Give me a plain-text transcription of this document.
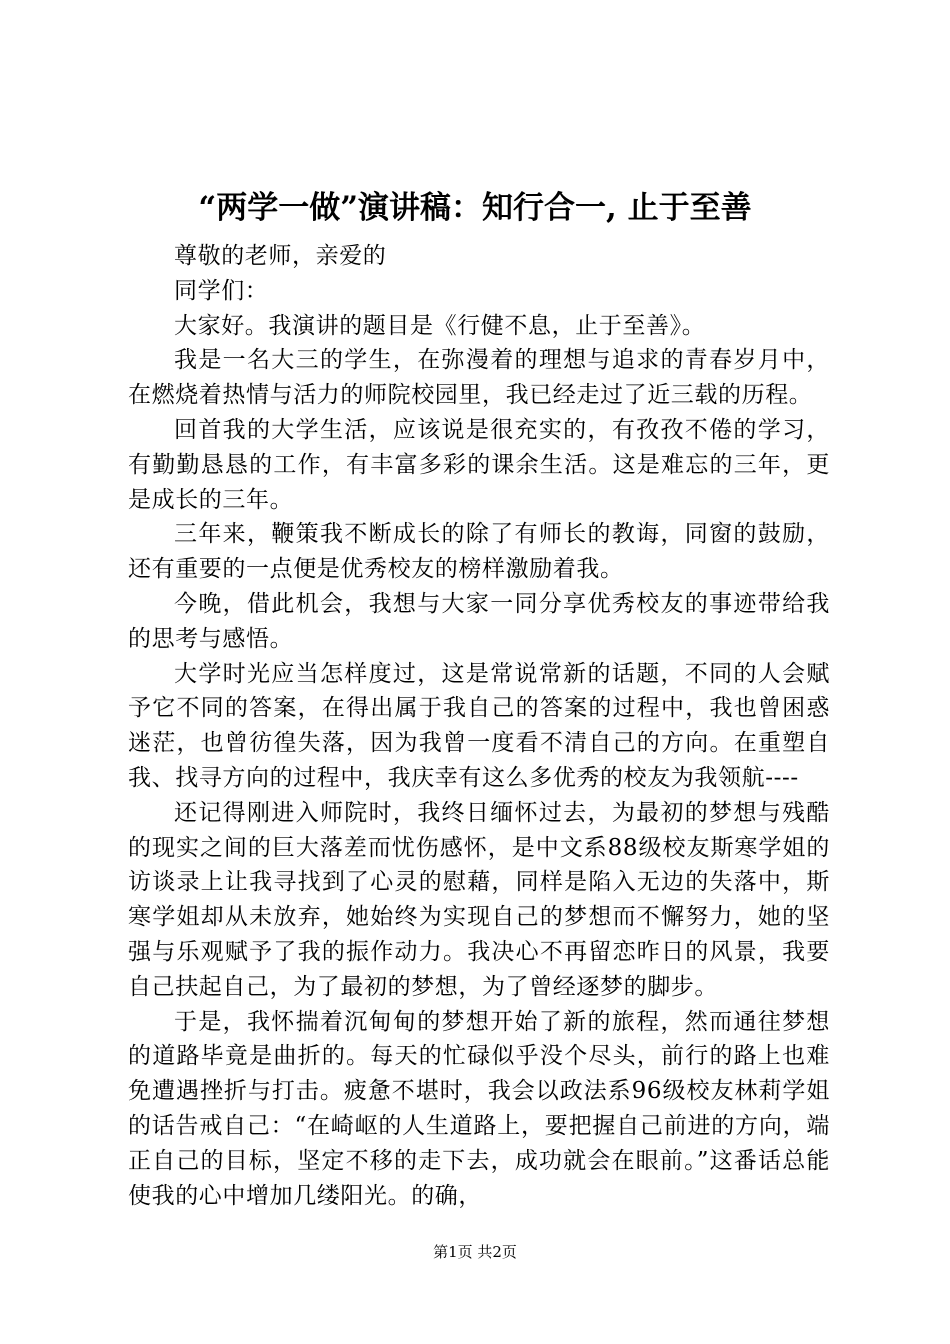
“两学一做”演讲稿：知行合一, 止于至善

尊敬的老师，亲爱的

同学们：

大家好。我演讲的题目是《行健不息，止于至善》。

我是一名大三的学生，在弥漫着的理想与追求的青春岁月中，在燃烧着热情与活力的师院校园里，我已经走过了近三载的历程。

回首我的大学生活，应该说是很充实的，有孜孜不倦的学习，有勤勤恳恳的工作，有丰富多彩的课余生活。这是难忘的三年，更是成长的三年。

三年来，鞭策我不断成长的除了有师长的教诲，同窗的鼓励，还有重要的一点便是优秀校友的榜样激励着我。

今晚，借此机会，我想与大家一同分享优秀校友的事迹带给我的思考与感悟。

大学时光应当怎样度过，这是常说常新的话题，不同的人会赋予它不同的答案，在得出属于我自己的答案的过程中，我也曾困惑迷茫，也曾彷徨失落，因为我曾一度看不清自己的方向。在重塑自我、找寻方向的过程中，我庆幸有这么多优秀的校友为我领航----

还记得刚进入师院时，我终日缅怀过去，为最初的梦想与残酷的现实之间的巨大落差而忧伤感怀，是中文系88级校友斯寒学姐的访谈录上让我寻找到了心灵的慰藉，同样是陷入无边的失落中，斯寒学姐却从未放弃，她始终为实现自己的梦想而不懈努力，她的坚强与乐观赋予了我的振作动力。我决心不再留恋昨日的风景，我要自己扶起自己，为了最初的梦想，为了曾经逐梦的脚步。

于是，我怀揣着沉甸甸的梦想开始了新的旅程，然而通往梦想的道路毕竟是曲折的。每天的忙碌似乎没个尽头，前行的路上也难免遭遇挫折与打击。疲惫不堪时，我会以政法系96级校友林莉学姐的话告戒自己：“在崎岖的人生道路上，要把握自己前进的方向，端正自己的目标，坚定不移的走下去，成功就会在眼前。”这番话总能使我的心中增加几缕阳光。的确，

第1页 共2页
